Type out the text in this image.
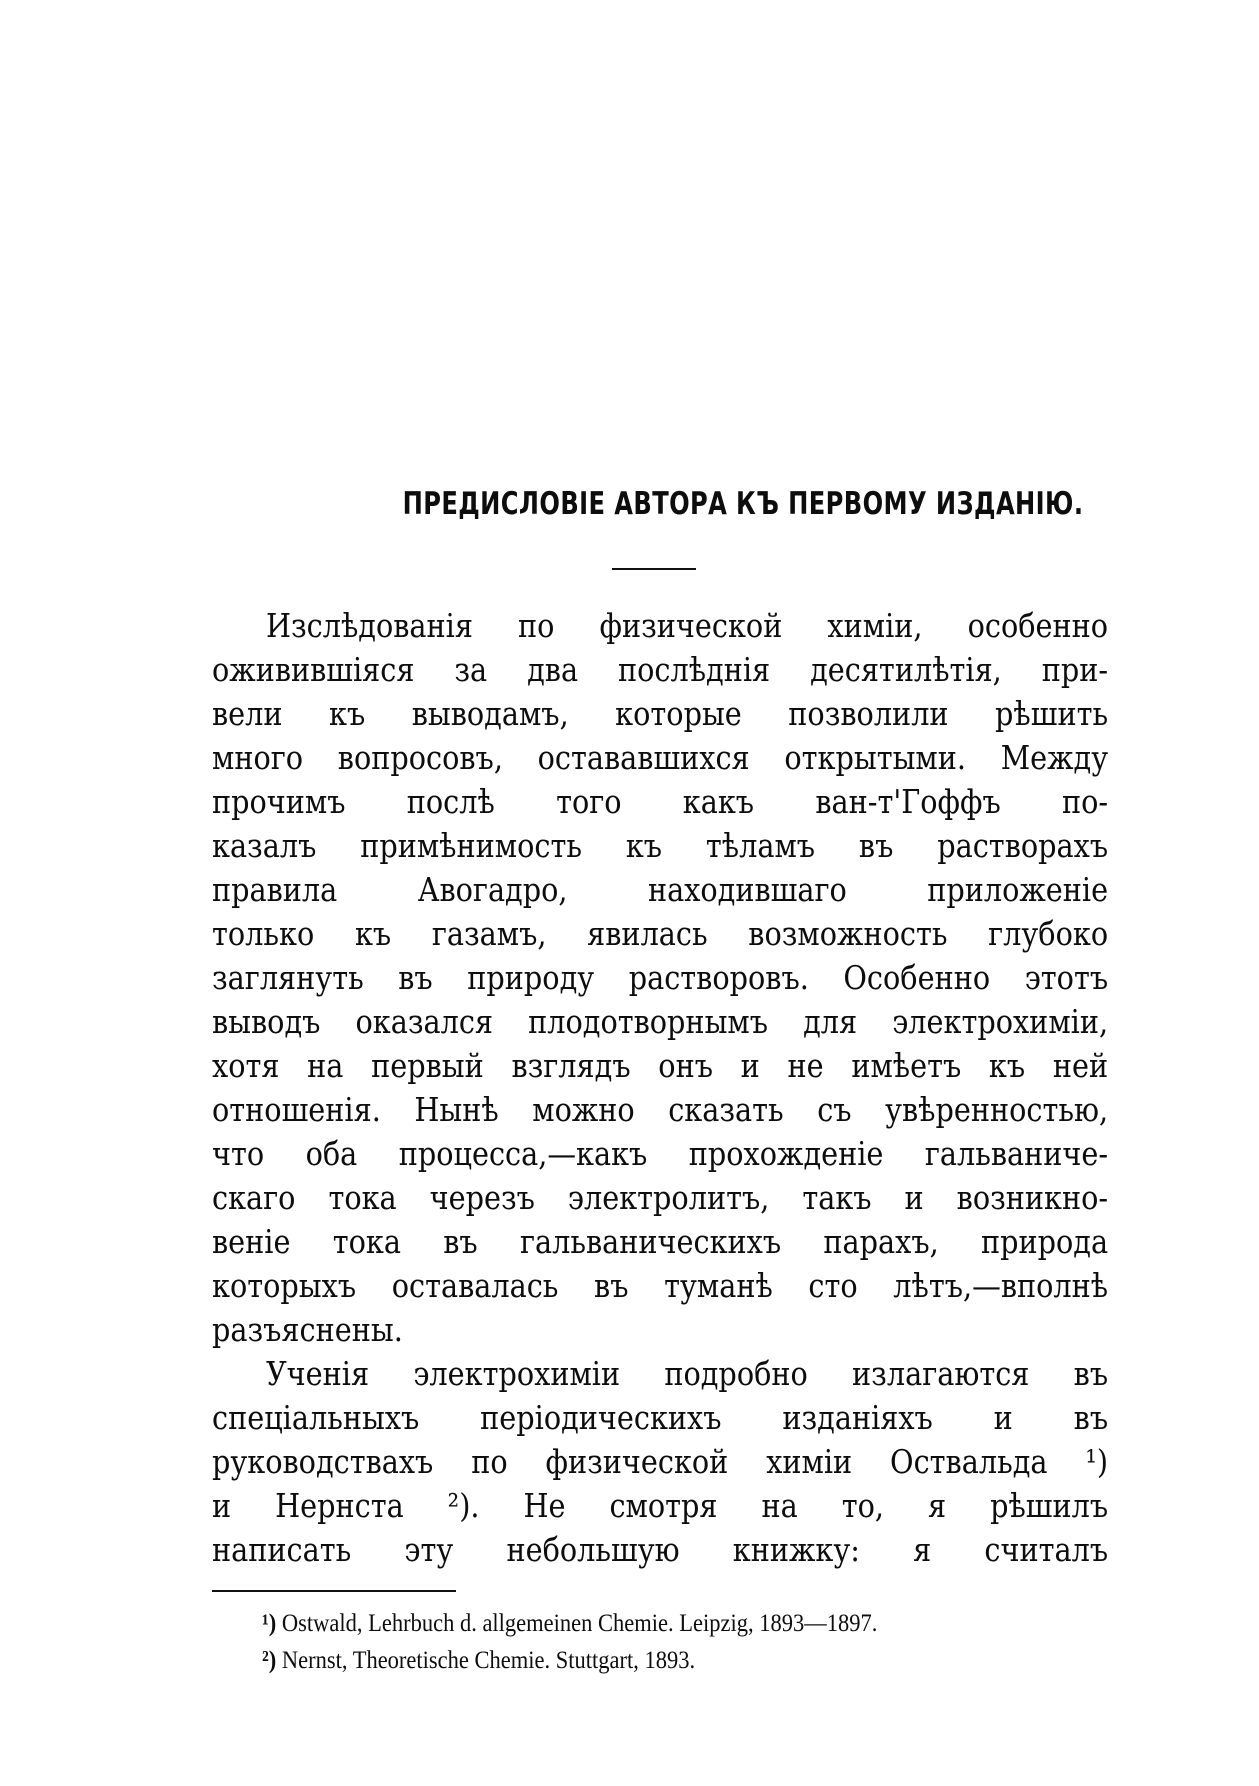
ПРЕДИСЛОВІЕ АВТОРА КЪ ПЕРВОМУ ИЗДАНІЮ.
Изслѣдованія по физической химіи, особенно
оживившіяся за два послѣднія десятилѣтія, при-
вели къ выводамъ, которые позволили рѣшить
много вопросовъ, остававшихся открытыми. Между
прочимъ послѣ того какъ ван-т'Гоффъ по-
казалъ примѣнимость къ тѣламъ въ растворахъ
правила Авогадро, находившаго приложеніе
только къ газамъ, явилась возможность глубоко
заглянуть въ природу растворовъ. Особенно этотъ
выводъ оказался плодотворнымъ для электрохиміи,
хотя на первый взглядъ онъ и не имѣетъ къ ней
отношенія. Нынѣ можно сказать съ увѣренностью,
что оба процесса,—какъ прохожденіе гальваниче-
скаго тока черезъ электролитъ, такъ и возникно-
веніе тока въ гальваническихъ парахъ, природа
которыхъ оставалась въ туманѣ сто лѣтъ,—вполнѣ
разъяснены.
Ученія электрохиміи подробно излагаются въ
спеціальныхъ періодическихъ изданіяхъ и въ
руководствахъ по физической химіи Оствальда ¹)
и Нернста ²). Не смотря на то, я рѣшилъ
написать эту небольшую книжку: я считалъ
¹) Ostwald, Lehrbuch d. allgemeinen Chemie. Leipzig, 1893—1897.
²) Nernst, Theoretische Chemie. Stuttgart, 1893.
